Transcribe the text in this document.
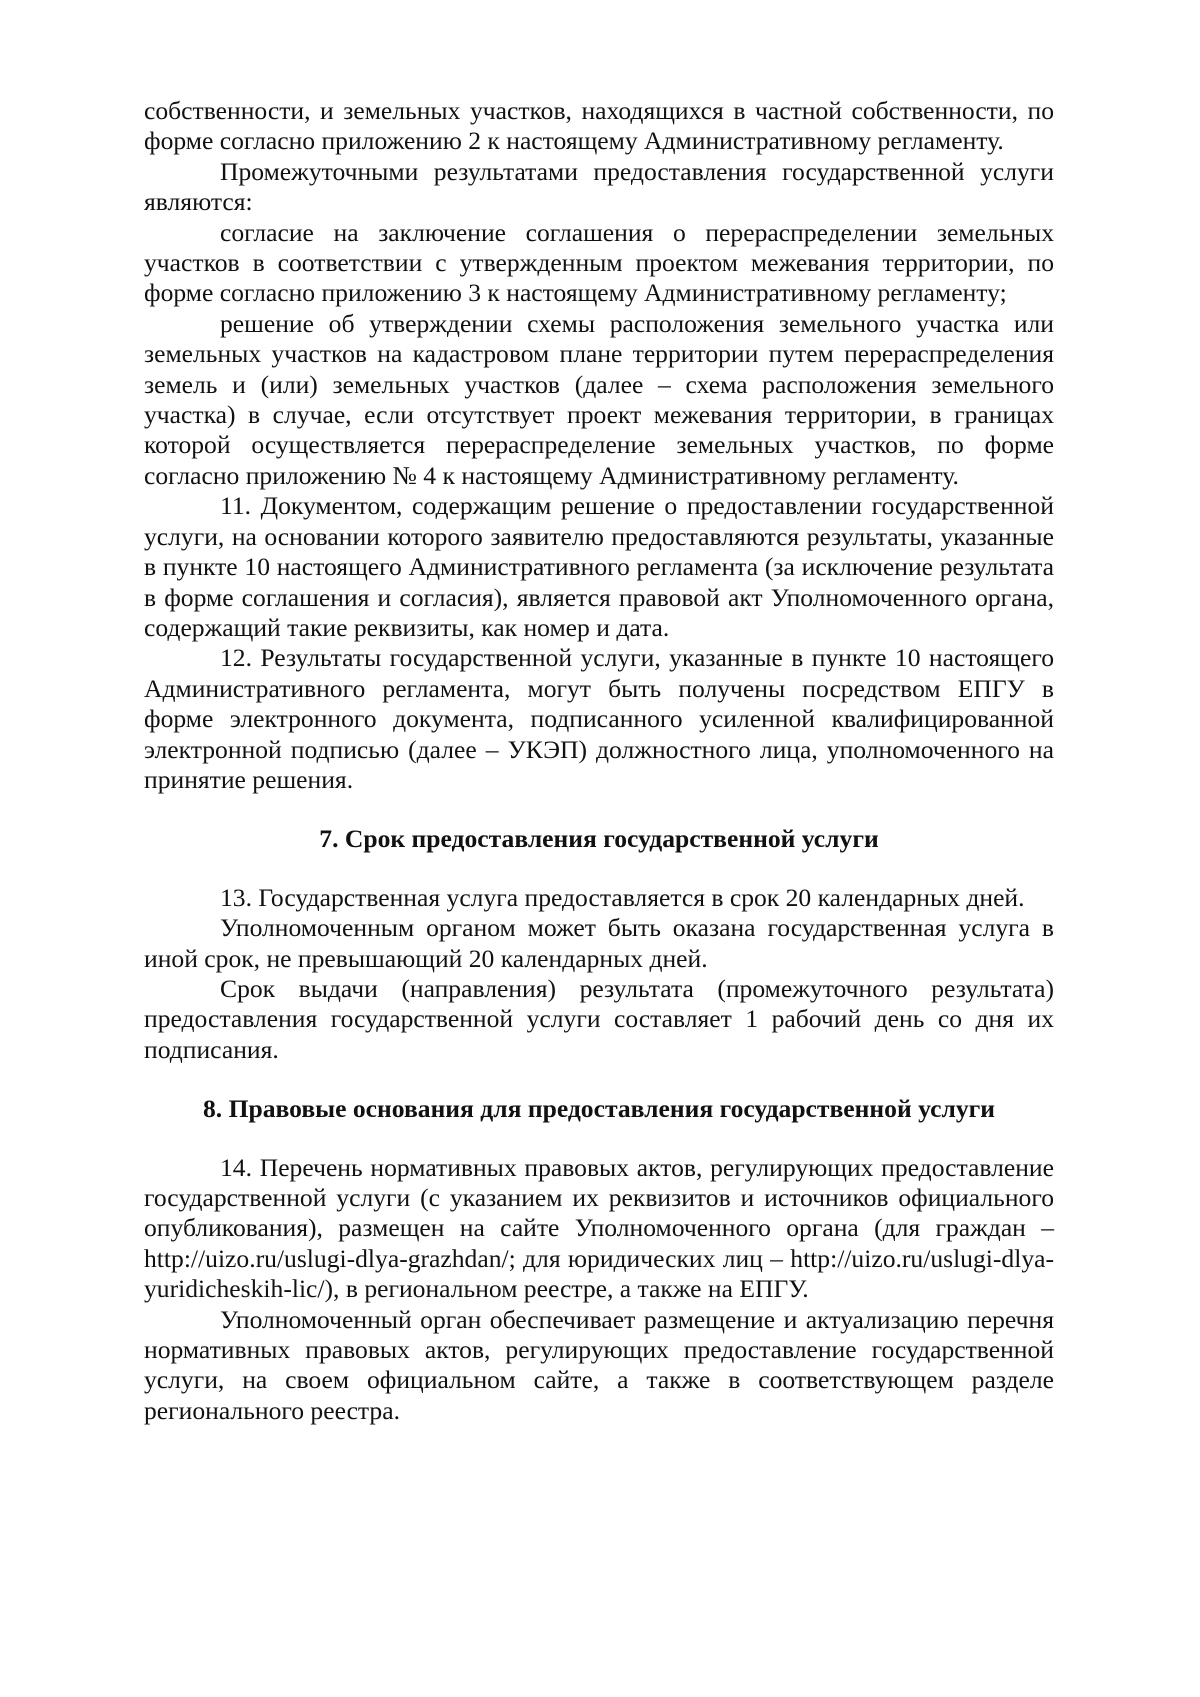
собственности, и земельных участков, находящихся в частной собственности, по форме согласно приложению 2 к настоящему Административному регламенту.

Промежуточными результатами предоставления государственной услуги являются:

согласие на заключение соглашения о перераспределении земельных участков в соответствии с утвержденным проектом межевания территории, по форме согласно приложению 3 к настоящему Административному регламенту;

решение об утверждении схемы расположения земельного участка или земельных участков на кадастровом плане территории путем перераспределения земель и (или) земельных участков (далее – схема расположения земельного участка) в случае, если отсутствует проект межевания территории, в границах которой осуществляется перераспределение земельных участков, по форме согласно приложению № 4 к настоящему Административному регламенту.

11. Документом, содержащим решение о предоставлении государственной услуги, на основании которого заявителю предоставляются результаты, указанные в пункте 10 настоящего Административного регламента (за исключение результата в форме соглашения и согласия), является правовой акт Уполномоченного органа, содержащий такие реквизиты, как номер и дата.

12. Результаты государственной услуги, указанные в пункте 10 настоящего Административного регламента, могут быть получены посредством ЕПГУ в форме электронного документа, подписанного усиленной квалифицированной электронной подписью (далее – УКЭП) должностного лица, уполномоченного на принятие решения.

7. Срок предоставления государственной услуги

13. Государственная услуга предоставляется в срок 20 календарных дней.

Уполномоченным органом может быть оказана государственная услуга в иной срок, не превышающий 20 календарных дней.

Срок выдачи (направления) результата (промежуточного результата) предоставления государственной услуги составляет 1 рабочий день со дня их подписания.

8. Правовые основания для предоставления государственной услуги

14. Перечень нормативных правовых актов, регулирующих предоставление государственной услуги (с указанием их реквизитов и источников официального опубликования), размещен на сайте Уполномоченного органа (для граждан – http://uizo.ru/uslugi-dlya-grazhdan/; для юридических лиц – http://uizo.ru/uslugi-dlya-yuridicheskih-lic/), в региональном реестре, а также на ЕПГУ.

Уполномоченный орган обеспечивает размещение и актуализацию перечня нормативных правовых актов, регулирующих предоставление государственной услуги, на своем официальном сайте, а также в соответствующем разделе регионального реестра.
